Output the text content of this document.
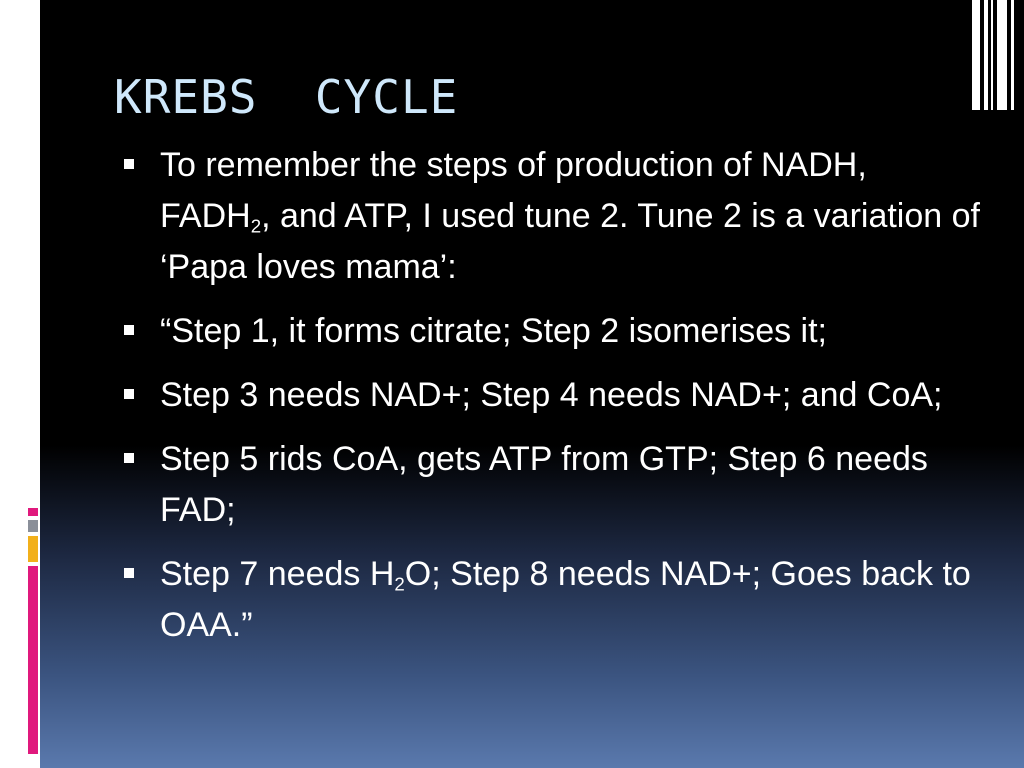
KREBS  CYCLE
To remember the steps of production of NADH, $FADH_2$, and ATP, I used tune 2. Tune 2 is a variation of ‘Papa loves mama’:
“Step 1, it forms citrate; Step 2 isomerises it;
Step 3 needs NAD+; Step 4 needs NAD+; and CoA;
Step 5 rids CoA, gets ATP from GTP; Step 6 needs FAD;
Step 7 needs $H_2O$; Step 8 needs NAD+; Goes back to OAA.”
